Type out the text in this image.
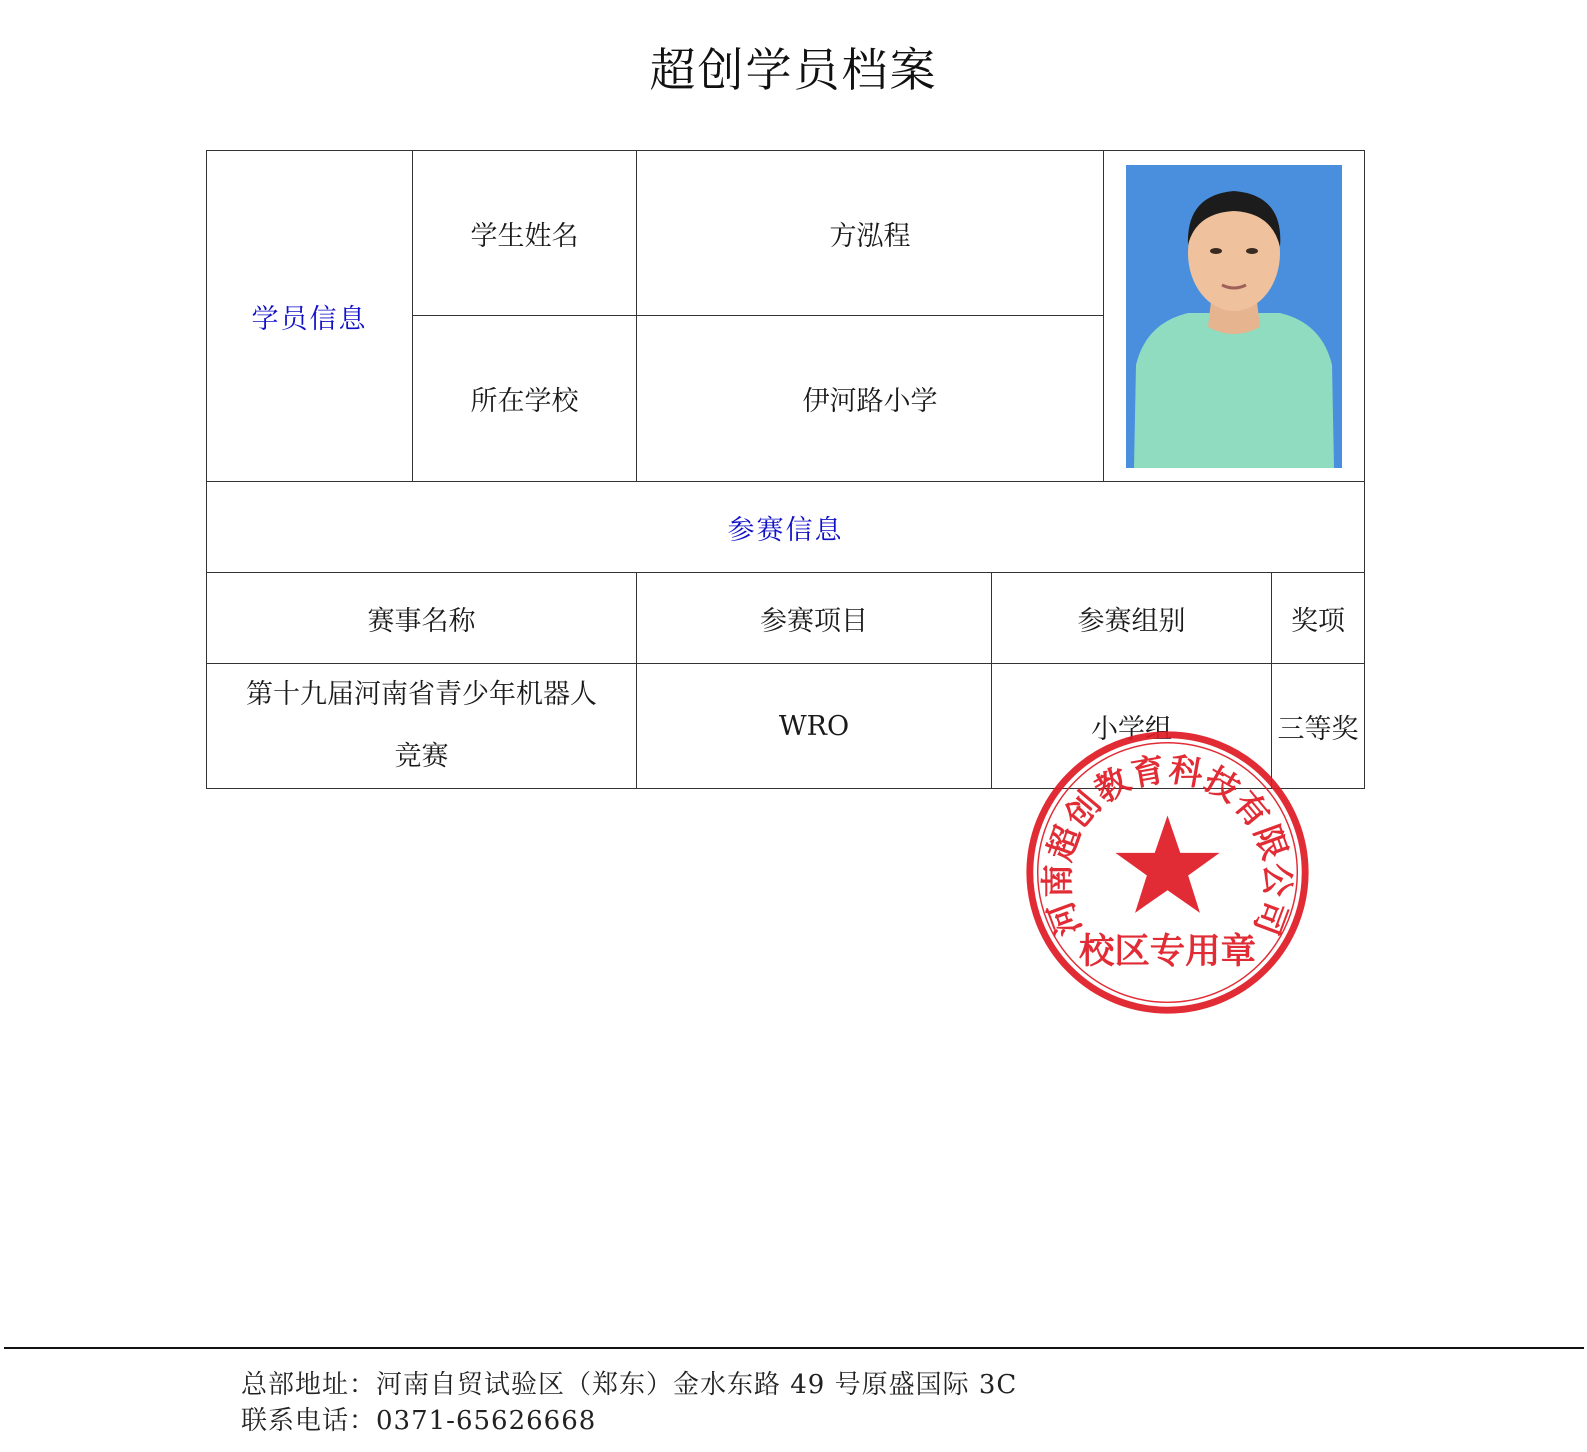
超创学员档案
学员信息	学生姓名	方泓程	

	所在学校	伊河路小学			
参赛信息					
赛事名称		参赛项目	参赛组别		奖项

第十九届河南省青少年机器人
竞赛		WRO	小学组		三等奖
河南超创教育科技有限公司
校区专用章
总部地址：河南自贸试验区（郑东）金水东路 49 号原盛国际 3C
联系电话：0371-65626668
